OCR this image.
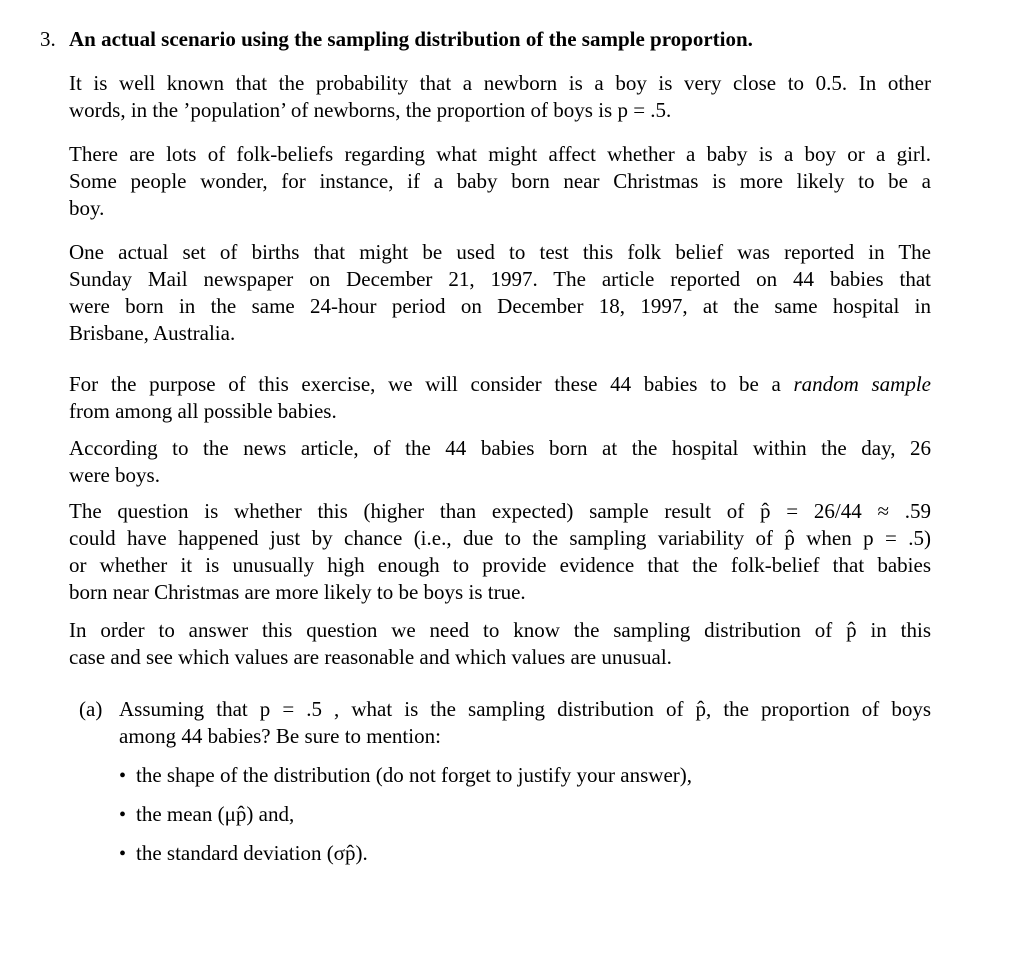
3. An actual scenario using the sampling distribution of the sample proportion.
It is well known that the probability that a newborn is a boy is very close to 0.5. In other
words, in the ’population’ of newborns, the proportion of boys is p = .5.
There are lots of folk-beliefs regarding what might affect whether a baby is a boy or a girl.
Some people wonder, for instance, if a baby born near Christmas is more likely to be a
boy.
One actual set of births that might be used to test this folk belief was reported in The
Sunday Mail newspaper on December 21, 1997. The article reported on 44 babies that
were born in the same 24-hour period on December 18, 1997, at the same hospital in
Brisbane, Australia.
For the purpose of this exercise, we will consider these 44 babies to be a random sample
from among all possible babies.
According to the news article, of the 44 babies born at the hospital within the day, 26
were boys.
The question is whether this (higher than expected) sample result of p̂ = 26/44 ≈ .59
could have happened just by chance (i.e., due to the sampling variability of p̂ when p = .5)
or whether it is unusually high enough to provide evidence that the folk-belief that babies
born near Christmas are more likely to be boys is true.
In order to answer this question we need to know the sampling distribution of p̂ in this
case and see which values are reasonable and which values are unusual.
(a) Assuming that p = .5 , what is the sampling distribution of p̂, the proportion of boys
among 44 babies? Be sure to mention:
• the shape of the distribution (do not forget to justify your answer),
• the mean (μp̂) and,
• the standard deviation (σp̂).
